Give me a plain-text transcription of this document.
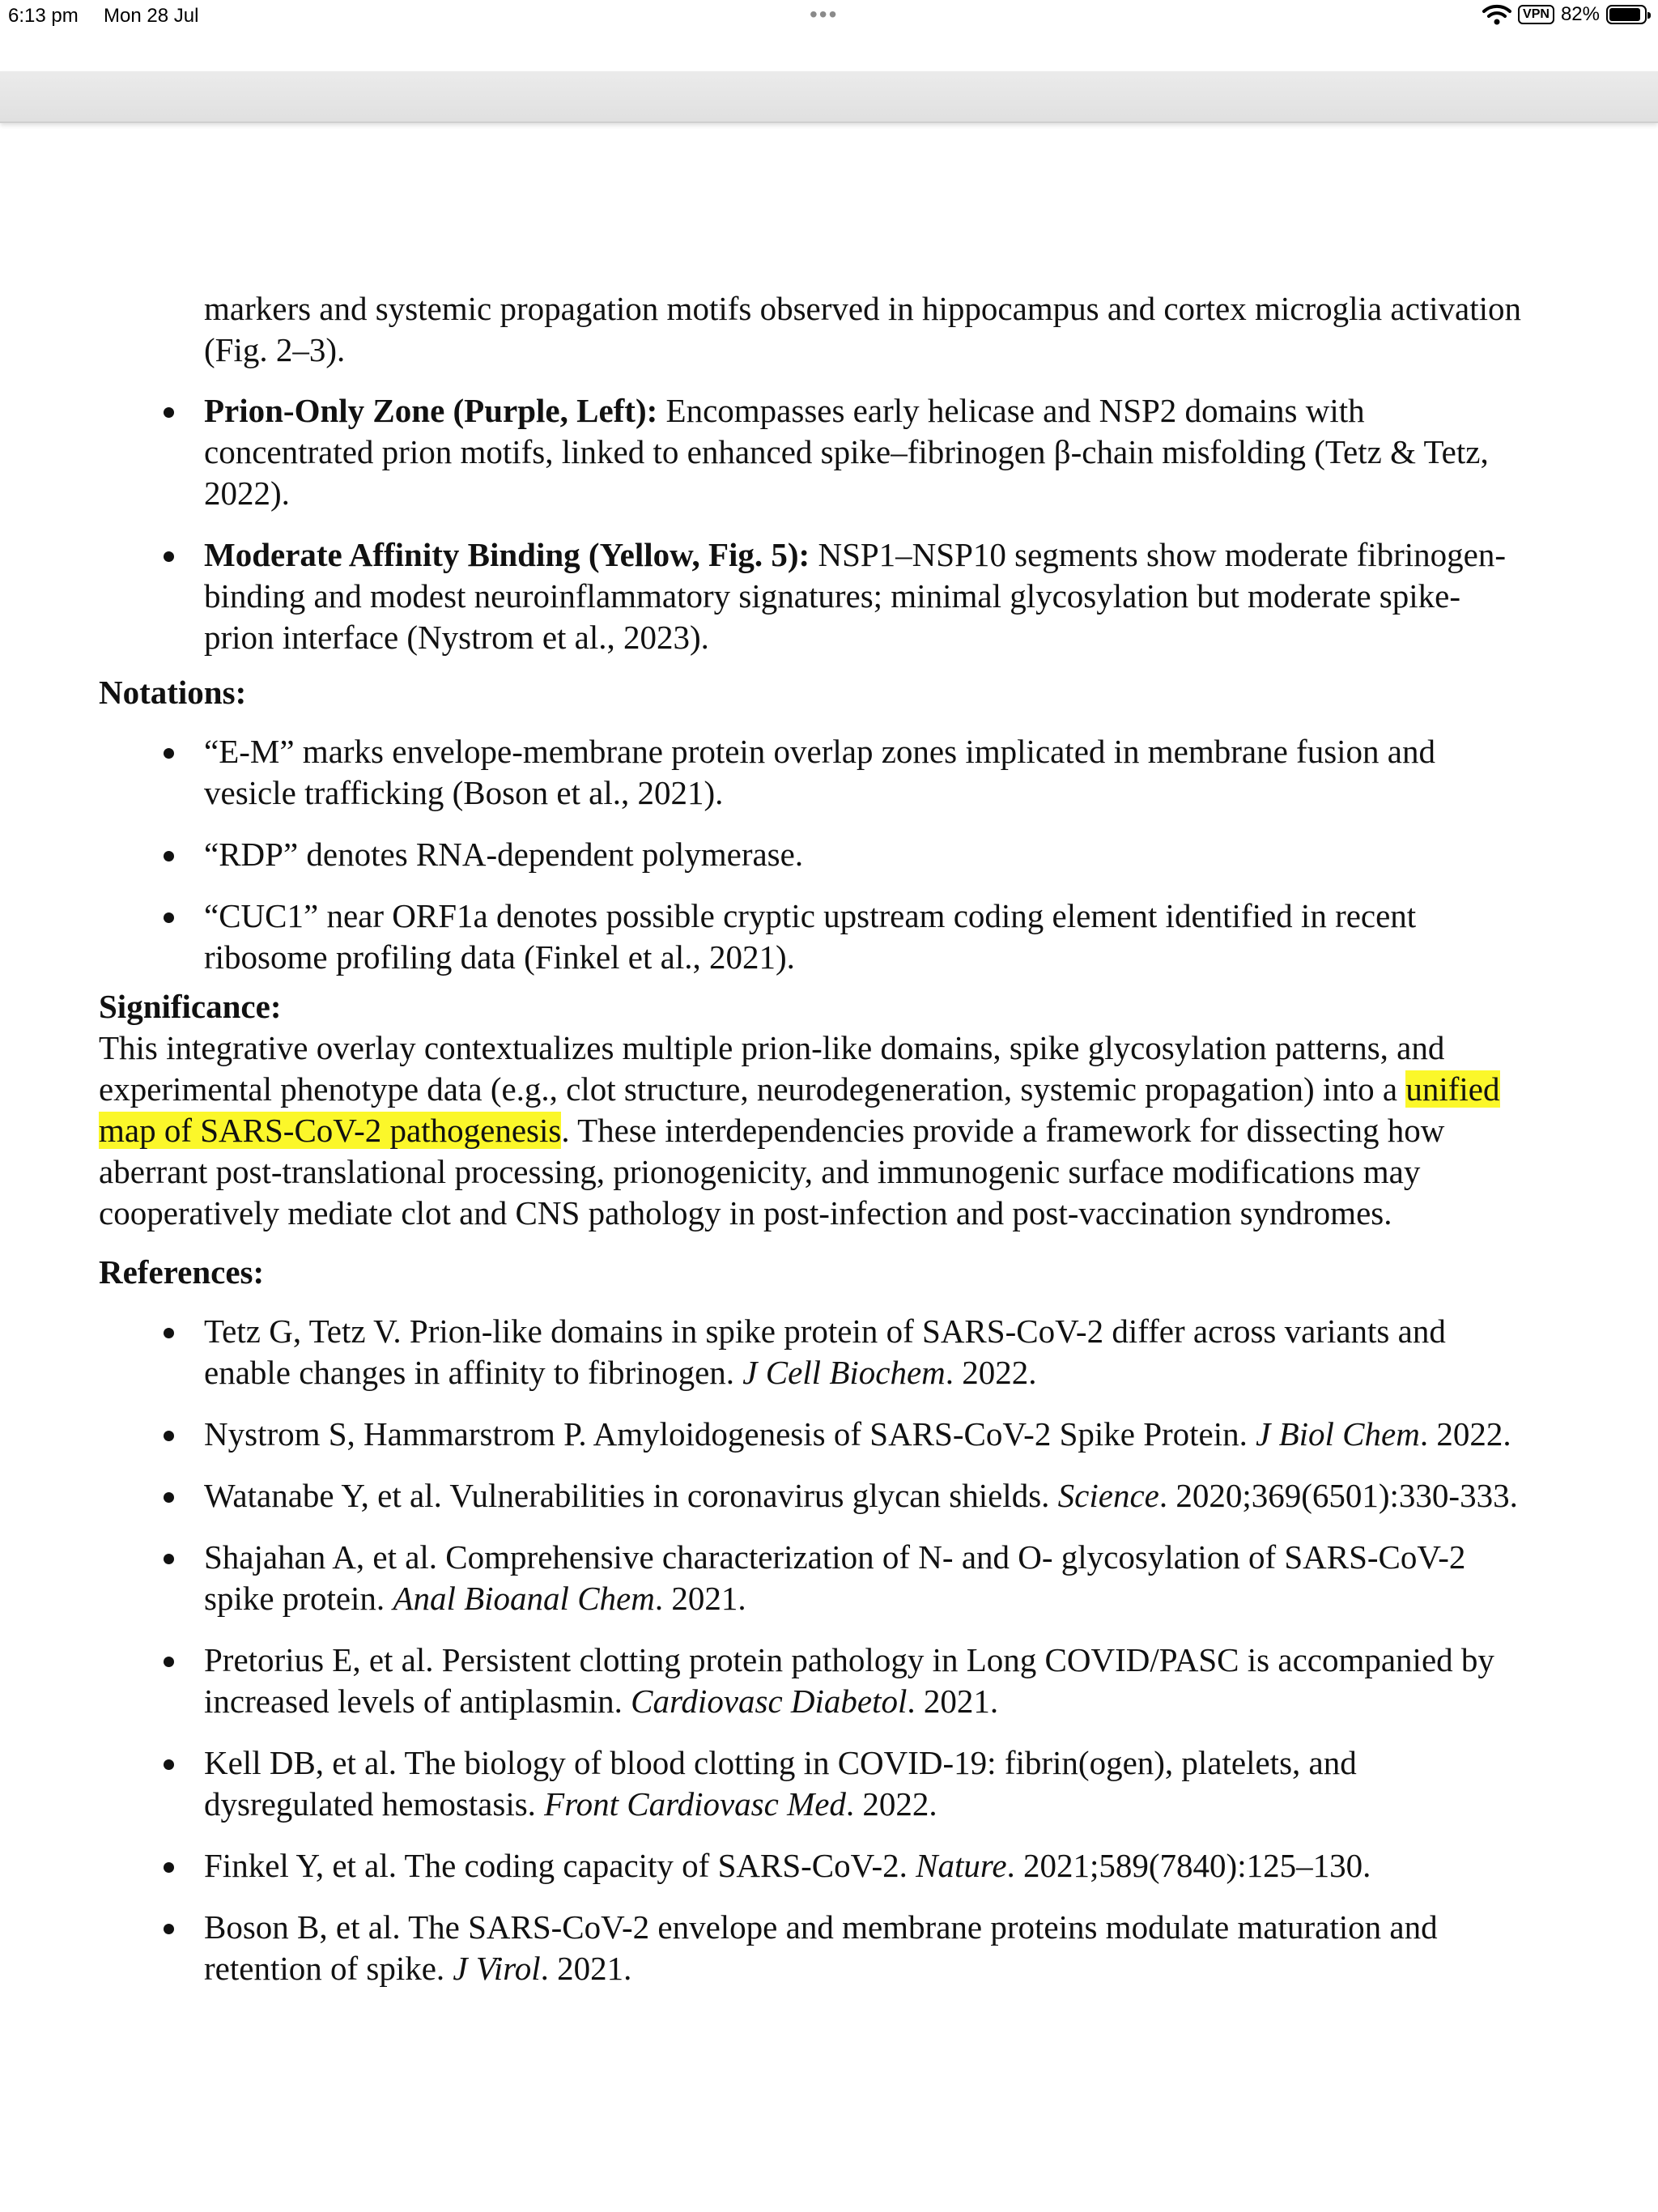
6:13 pm Mon 28 Jul	•••	VPN 82%

markers and systemic propagation motifs observed in hippocampus and cortex microglia activation (Fig. 2–3).

Prion-Only Zone (Purple, Left): Encompasses early helicase and NSP2 domains with concentrated prion motifs, linked to enhanced spike–fibrinogen β-chain misfolding (Tetz & Tetz, 2022).
Moderate Affinity Binding (Yellow, Fig. 5): NSP1–NSP10 segments show moderate fibrinogen-binding and modest neuroinflammatory signatures; minimal glycosylation but moderate spike-prion interface (Nystrom et al., 2023).

Notations:

“E-M” marks envelope-membrane protein overlap zones implicated in membrane fusion and vesicle trafficking (Boson et al., 2021).
“RDP” denotes RNA-dependent polymerase.
“CUC1” near ORF1a denotes possible cryptic upstream coding element identified in recent ribosome profiling data (Finkel et al., 2021).

Significance:

This integrative overlay contextualizes multiple prion-like domains, spike glycosylation patterns, and experimental phenotype data (e.g., clot structure, neurodegeneration, systemic propagation) into a unified map of SARS-CoV-2 pathogenesis. These interdependencies provide a framework for dissecting how aberrant post-translational processing, prionogenicity, and immunogenic surface modifications may cooperatively mediate clot and CNS pathology in post-infection and post-vaccination syndromes.

References:

Tetz G, Tetz V. Prion-like domains in spike protein of SARS-CoV-2 differ across variants and enable changes in affinity to fibrinogen. J Cell Biochem. 2022.
Nystrom S, Hammarstrom P. Amyloidogenesis of SARS-CoV-2 Spike Protein. J Biol Chem. 2022.
Watanabe Y, et al. Vulnerabilities in coronavirus glycan shields. Science. 2020;369(6501):330-333.
Shajahan A, et al. Comprehensive characterization of N- and O- glycosylation of SARS-CoV-2 spike protein. Anal Bioanal Chem. 2021.
Pretorius E, et al. Persistent clotting protein pathology in Long COVID/PASC is accompanied by increased levels of antiplasmin. Cardiovasc Diabetol. 2021.
Kell DB, et al. The biology of blood clotting in COVID-19: fibrin(ogen), platelets, and dysregulated hemostasis. Front Cardiovasc Med. 2022.
Finkel Y, et al. The coding capacity of SARS-CoV-2. Nature. 2021;589(7840):125–130.
Boson B, et al. The SARS-CoV-2 envelope and membrane proteins modulate maturation and retention of spike. J Virol. 2021.
